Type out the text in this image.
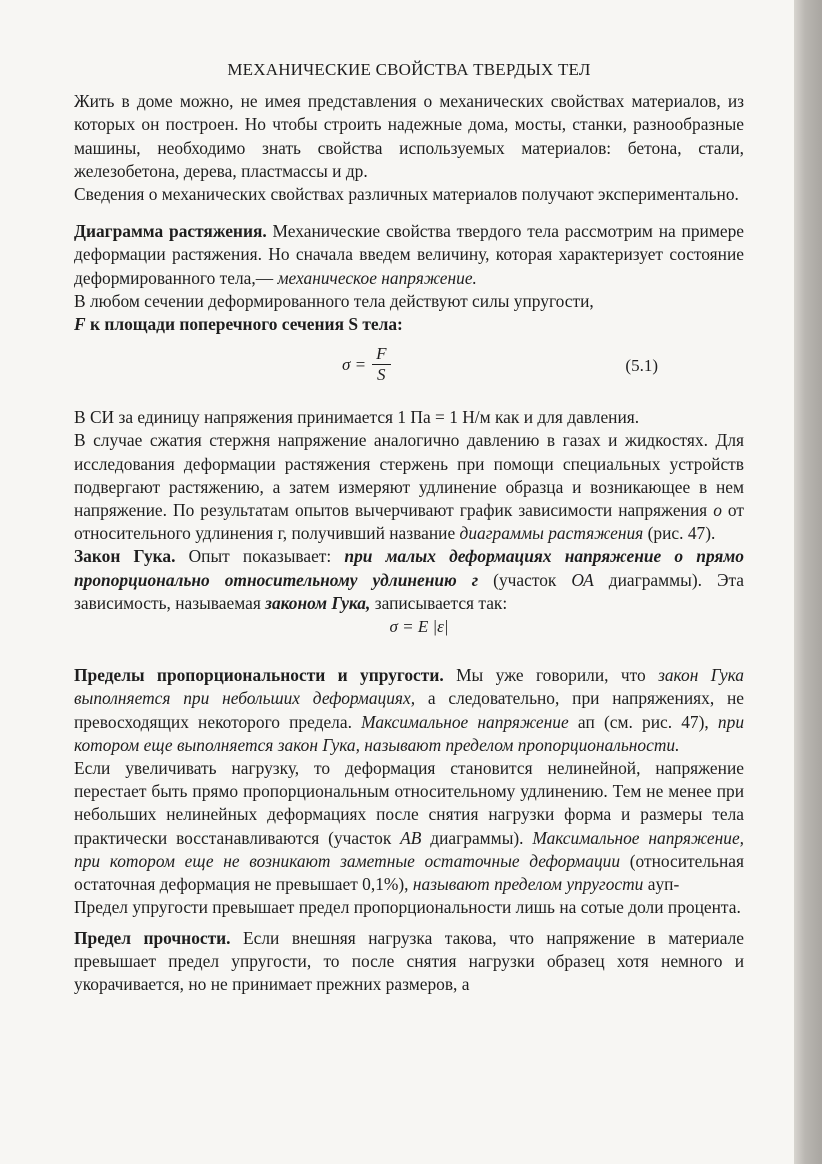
МЕХАНИЧЕСКИЕ СВОЙСТВА ТВЕРДЫХ ТЕЛ

Жить в доме можно, не имея представления о механических свойствах материалов, из которых он построен. Но чтобы строить надежные дома, мосты, станки, разнообразные машины, необходимо знать свойства используемых материалов: бетона, стали, железобетона, дерева, пластмассы и др.

Сведения о механических свойствах различных материалов получают экспериментально.

Диаграмма растяжения. Механические свойства твердого тела рассмотрим на примере деформации растяжения. Но сначала введем величину, которая характеризует состояние деформированного тела,— механическое напряжение.

В любом сечении деформированного тела действуют силы упругости,

F к площади поперечного сечения S тела:

$\sigma = \frac{F}{S}$	(5.1)

В СИ за единицу напряжения принимается 1 Па = 1 Н/м как и для давления.

В случае сжатия стержня напряжение аналогично давлению в газах и жидкостях. Для исследования деформации растяжения стержень при помощи специальных устройств подвергают растяжению, а затем измеряют удлинение образца и возникающее в нем напряжение. По результатам опытов вычерчивают график зависимости напряжения о от относительного удлинения г, получивший название диаграммы растяжения (рис. 47).

Закон Гука. Опыт показывает: при малых деформациях напряжение о прямо пропорционально относительному удлинению г (участок ОА диаграммы). Эта зависимость, называемая законом Гука, записывается так:

σ = E |ε|

Пределы пропорциональности и упругости. Мы уже говорили, что закон Гука выполняется при небольших деформациях, а следовательно, при напряжениях, не превосходящих некоторого предела. Максимальное напряжение aп (см. рис. 47), при котором еще выполняется закон Гука, называют пределом пропорциональности.

Если увеличивать нагрузку, то деформация становится нелинейной, напряжение перестает быть прямо пропорциональным относительному удлинению. Тем не менее при небольших нелинейных деформациях после снятия нагрузки форма и размеры тела практически восстанавливаются (участок АВ диаграммы). Максимальное напряжение, при котором еще не возникают заметные остаточные деформации (относительная остаточная деформация не превышает 0,1%), называют пределом упругости aуп-

Предел упругости превышает предел пропорциональности лишь на сотые доли процента.

Предел прочности. Если внешняя нагрузка такова, что напряжение в материале превышает предел упругости, то после снятия нагрузки образец хотя немного и укорачивается, но не принимает прежних размеров, а
